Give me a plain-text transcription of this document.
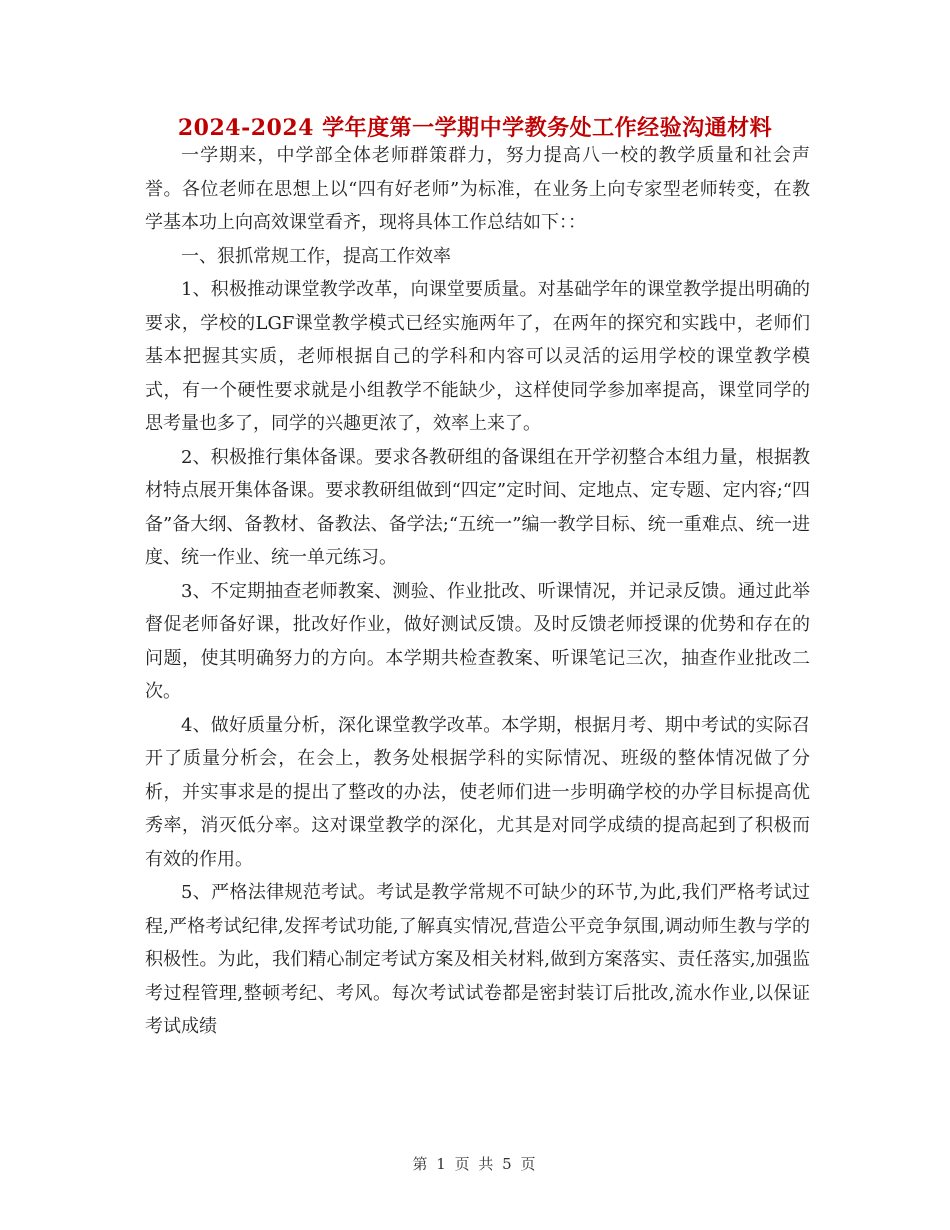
2024-2024 学年度第一学期中学教务处工作经验沟通材料

一学期来，中学部全体老师群策群力，努力提高八一校的教学质量和社会声誉。各位老师在思想上以“四有好老师”为标准，在业务上向专家型老师转变，在教学基本功上向高效课堂看齐，现将具体工作总结如下：：

一、狠抓常规工作，提高工作效率

1、积极推动课堂教学改革，向课堂要质量。对基础学年的课堂教学提出明确的要求，学校的LGF课堂教学模式已经实施两年了，在两年的探究和实践中，老师们基本把握其实质，老师根据自己的学科和内容可以灵活的运用学校的课堂教学模式，有一个硬性要求就是小组教学不能缺少，这样使同学参加率提高，课堂同学的思考量也多了，同学的兴趣更浓了，效率上来了。

2、积极推行集体备课。要求各教研组的备课组在开学初整合本组力量，根据教材特点展开集体备课。要求教研组做到“四定”定时间、定地点、定专题、定内容;“四备”备大纲、备教材、备教法、备学法;“五统一”编一教学目标、统一重难点、统一进度、统一作业、统一单元练习。

3、不定期抽查老师教案、测验、作业批改、听课情况，并记录反馈。通过此举督促老师备好课，批改好作业，做好测试反馈。及时反馈老师授课的优势和存在的问题，使其明确努力的方向。本学期共检查教案、听课笔记三次，抽查作业批改二次。

4、做好质量分析，深化课堂教学改革。本学期，根据月考、期中考试的实际召开了质量分析会，在会上，教务处根据学科的实际情况、班级的整体情况做了分析，并实事求是的提出了整改的办法，使老师们进一步明确学校的办学目标提高优秀率，消灭低分率。这对课堂教学的深化，尤其是对同学成绩的提高起到了积极而有效的作用。

5、严格法律规范考试。考试是教学常规不可缺少的环节,为此,我们严格考试过程,严格考试纪律,发挥考试功能,了解真实情况,营造公平竞争氛围,调动师生教与学的积极性。为此，我们精心制定考试方案及相关材料,做到方案落实、责任落实,加强监考过程管理,整顿考纪、考风。每次考试试卷都是密封装订后批改,流水作业,以保证考试成绩

第 1 页 共 5 页
